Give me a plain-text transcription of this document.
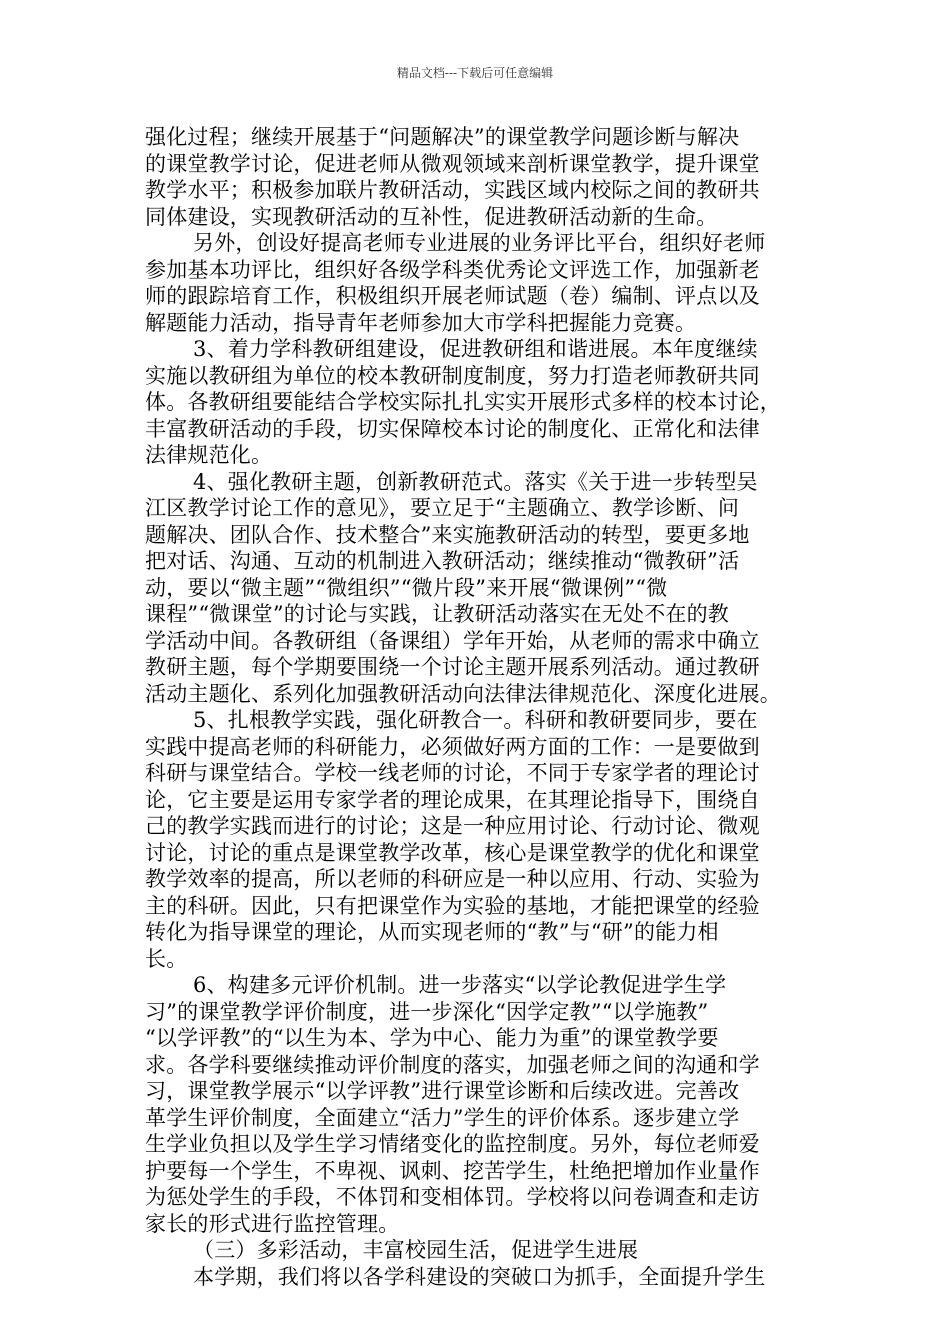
精品文档---下载后可任意编辑
强化过程；继续开展基于“问题解决”的课堂教学问题诊断与解决
的课堂教学讨论，促进老师从微观领域来剖析课堂教学，提升课堂
教学水平；积极参加联片教研活动，实践区域内校际之间的教研共
同体建设，实现教研活动的互补性，促进教研活动新的生命。
另外，创设好提高老师专业进展的业务评比平台，组织好老师
参加基本功评比，组织好各级学科类优秀论文评选工作，加强新老
师的跟踪培育工作，积极组织开展老师试题（卷）编制、评点以及
解题能力活动，指导青年老师参加大市学科把握能力竞赛。
3、着力学科教研组建设，促进教研组和谐进展。本年度继续
实施以教研组为单位的校本教研制度制度，努力打造老师教研共同
体。各教研组要能结合学校实际扎扎实实开展形式多样的校本讨论，
丰富教研活动的手段，切实保障校本讨论的制度化、正常化和法律
法律规范化。
4、强化教研主题，创新教研范式。落实《关于进一步转型吴
江区教学讨论工作的意见》，要立足于“主题确立、教学诊断、问
题解决、团队合作、技术整合”来实施教研活动的转型，要更多地
把对话、沟通、互动的机制进入教研活动；继续推动“微教研”活
动，要以“微主题”“微组织”“微片段”来开展“微课例”“微
课程”“微课堂”的讨论与实践，让教研活动落实在无处不在的教
学活动中间。各教研组（备课组）学年开始，从老师的需求中确立
教研主题，每个学期要围绕一个讨论主题开展系列活动。通过教研
活动主题化、系列化加强教研活动向法律法律规范化、深度化进展。
5、扎根教学实践，强化研教合一。科研和教研要同步，要在
实践中提高老师的科研能力，必须做好两方面的工作：一是要做到
科研与课堂结合。学校一线老师的讨论，不同于专家学者的理论讨
论，它主要是运用专家学者的理论成果，在其理论指导下，围绕自
己的教学实践而进行的讨论；这是一种应用讨论、行动讨论、微观
讨论，讨论的重点是课堂教学改革，核心是课堂教学的优化和课堂
教学效率的提高，所以老师的科研应是一种以应用、行动、实验为
主的科研。因此，只有把课堂作为实验的基地，才能把课堂的经验
转化为指导课堂的理论，从而实现老师的“教”与“研”的能力相
长。
6、构建多元评价机制。进一步落实“以学论教促进学生学
习”的课堂教学评价制度，进一步深化“因学定教”“以学施教”
“以学评教”的“以生为本、学为中心、能力为重”的课堂教学要
求。各学科要继续推动评价制度的落实，加强老师之间的沟通和学
习，课堂教学展示“以学评教”进行课堂诊断和后续改进。完善改
革学生评价制度，全面建立“活力”学生的评价体系。逐步建立学
生学业负担以及学生学习情绪变化的监控制度。另外，每位老师爱
护要每一个学生，不卑视、讽刺、挖苦学生，杜绝把增加作业量作
为惩处学生的手段，不体罚和变相体罚。学校将以问卷调查和走访
家长的形式进行监控管理。
（三）多彩活动，丰富校园生活，促进学生进展
本学期，我们将以各学科建设的突破口为抓手，全面提升学生
